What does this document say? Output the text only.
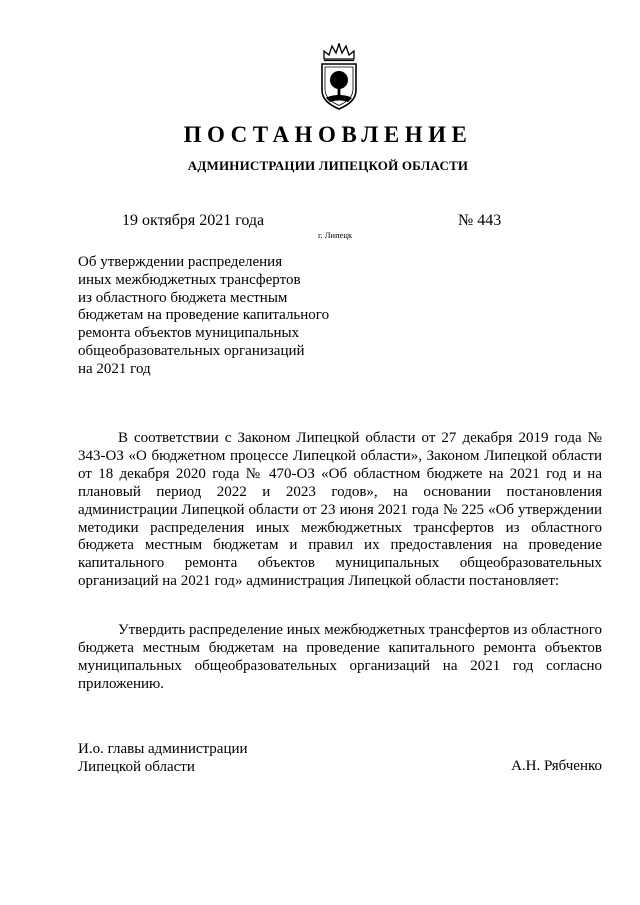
ПОСТАНОВЛЕНИЕ
АДМИНИСТРАЦИИ ЛИПЕЦКОЙ ОБЛАСТИ
19 октября 2021 года
г. Липецк
№ 443
Об утверждении распределения
иных межбюджетных трансфертов
из областного бюджета местным
бюджетам на проведение капитального
ремонта объектов муниципальных
общеобразовательных организаций
на 2021 год
В соответствии с Законом Липецкой области от 27 декабря 2019 года № 343-ОЗ «О бюджетном процессе Липецкой области», Законом Липецкой области от 18 декабря 2020 года № 470-ОЗ «Об областном бюджете на 2021 год и на плановый период 2022 и 2023 годов», на основании постановления администрации Липецкой области от 23 июня 2021 года № 225 «Об утверждении методики распределения иных межбюджетных трансфертов из областного бюджета местным бюджетам и правил их предоставления на проведение капитального ремонта объектов муниципальных общеобразовательных организаций на 2021 год» администрация Липецкой области постановляет:
Утвердить распределение иных межбюджетных трансфертов из областного бюджета местным бюджетам на проведение капитального ремонта объектов муниципальных общеобразовательных организаций на 2021 год согласно приложению.
И.о. главы администрации
Липецкой области	А.Н. Рябченко
